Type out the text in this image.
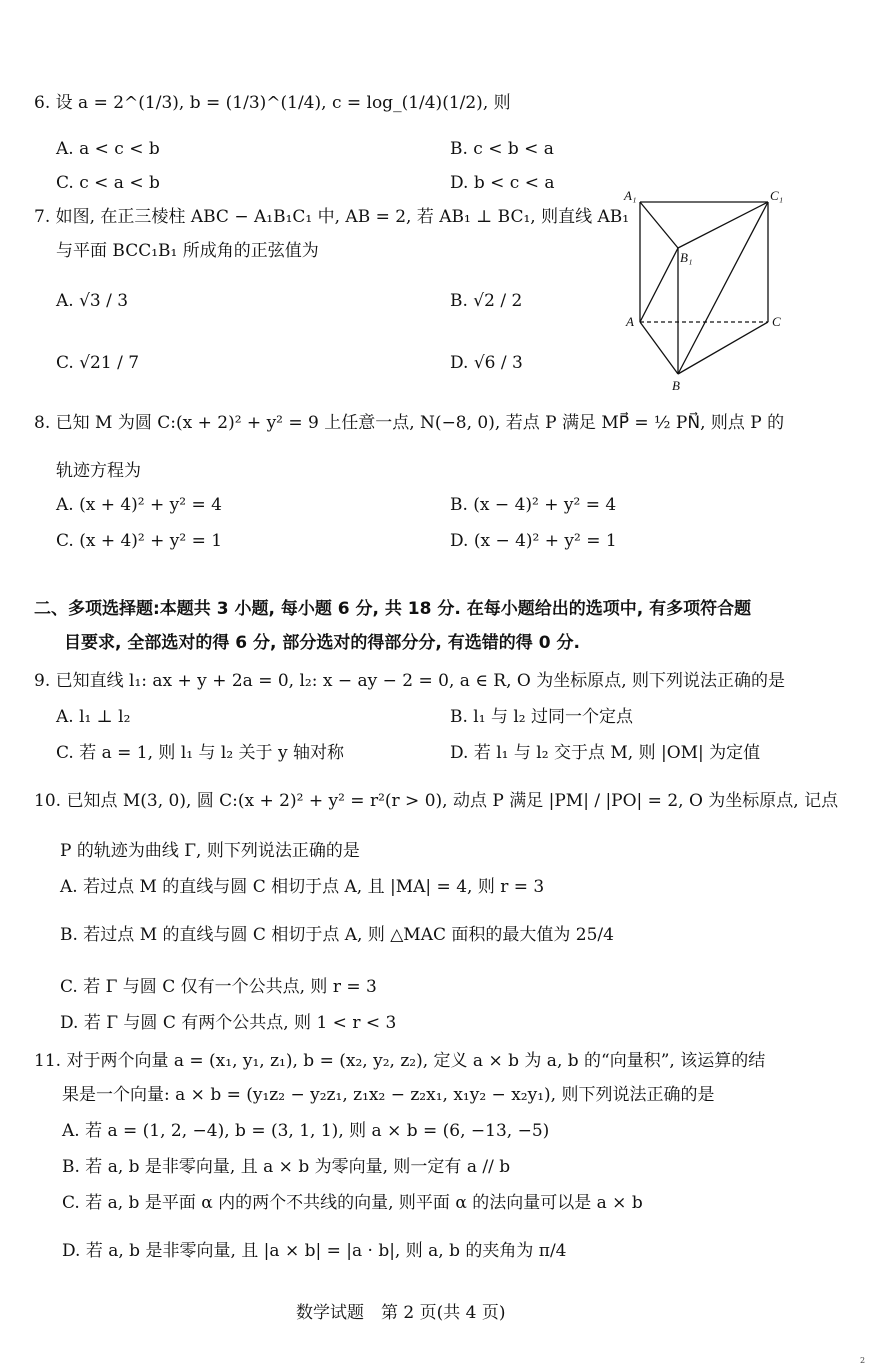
6. 设 a = 2^(1/3), b = (1/3)^(1/4), c = log_(1/4)(1/2), 则
A. a < c < b	B. c < b < a
C. c < a < b	D. b < c < a
7. 如图, 在正三棱柱 ABC − A₁B₁C₁ 中, AB = 2, 若 AB₁ ⊥ BC₁, 则直线 AB₁
与平面 BCC₁B₁ 所成角的正弦值为
A. √3 / 3	B. √2 / 2
C. √21 / 7	D. √6 / 3
A₁	C₁
B₁
A	C
B
8. 已知 M 为圆 C:(x + 2)² + y² = 9 上任意一点, N(−8, 0), 若点 P 满足 MP⃗ = ½ PN⃗, 则点 P 的
轨迹方程为
A. (x + 4)² + y² = 4	B. (x − 4)² + y² = 4
C. (x + 4)² + y² = 1	D. (x − 4)² + y² = 1
二、多项选择题:本题共 3 小题, 每小题 6 分, 共 18 分. 在每小题给出的选项中, 有多项符合题
目要求, 全部选对的得 6 分, 部分选对的得部分分, 有选错的得 0 分.
9. 已知直线 l₁: ax + y + 2a = 0, l₂: x − ay − 2 = 0, a ∈ R, O 为坐标原点, 则下列说法正确的是
A. l₁ ⊥ l₂	B. l₁ 与 l₂ 过同一个定点
C. 若 a = 1, 则 l₁ 与 l₂ 关于 y 轴对称	D. 若 l₁ 与 l₂ 交于点 M, 则 |OM| 为定值
10. 已知点 M(3, 0), 圆 C:(x + 2)² + y² = r²(r > 0), 动点 P 满足 |PM| / |PO| = 2, O 为坐标原点, 记点
P 的轨迹为曲线 Γ, 则下列说法正确的是
A. 若过点 M 的直线与圆 C 相切于点 A, 且 |MA| = 4, 则 r = 3
B. 若过点 M 的直线与圆 C 相切于点 A, 则 △MAC 面积的最大值为 25/4
C. 若 Γ 与圆 C 仅有一个公共点, 则 r = 3
D. 若 Γ 与圆 C 有两个公共点, 则 1 < r < 3
11. 对于两个向量 a = (x₁, y₁, z₁), b = (x₂, y₂, z₂), 定义 a × b 为 a, b 的“向量积”, 该运算的结
果是一个向量: a × b = (y₁z₂ − y₂z₁, z₁x₂ − z₂x₁, x₁y₂ − x₂y₁), 则下列说法正确的是
A. 若 a = (1, 2, −4), b = (3, 1, 1), 则 a × b = (6, −13, −5)
B. 若 a, b 是非零向量, 且 a × b 为零向量, 则一定有 a // b
C. 若 a, b 是平面 α 内的两个不共线的向量, 则平面 α 的法向量可以是 a × b
D. 若 a, b 是非零向量, 且 |a × b| = |a · b|, 则 a, b 的夹角为 π/4
数学试题　第 2 页(共 4 页)
2
